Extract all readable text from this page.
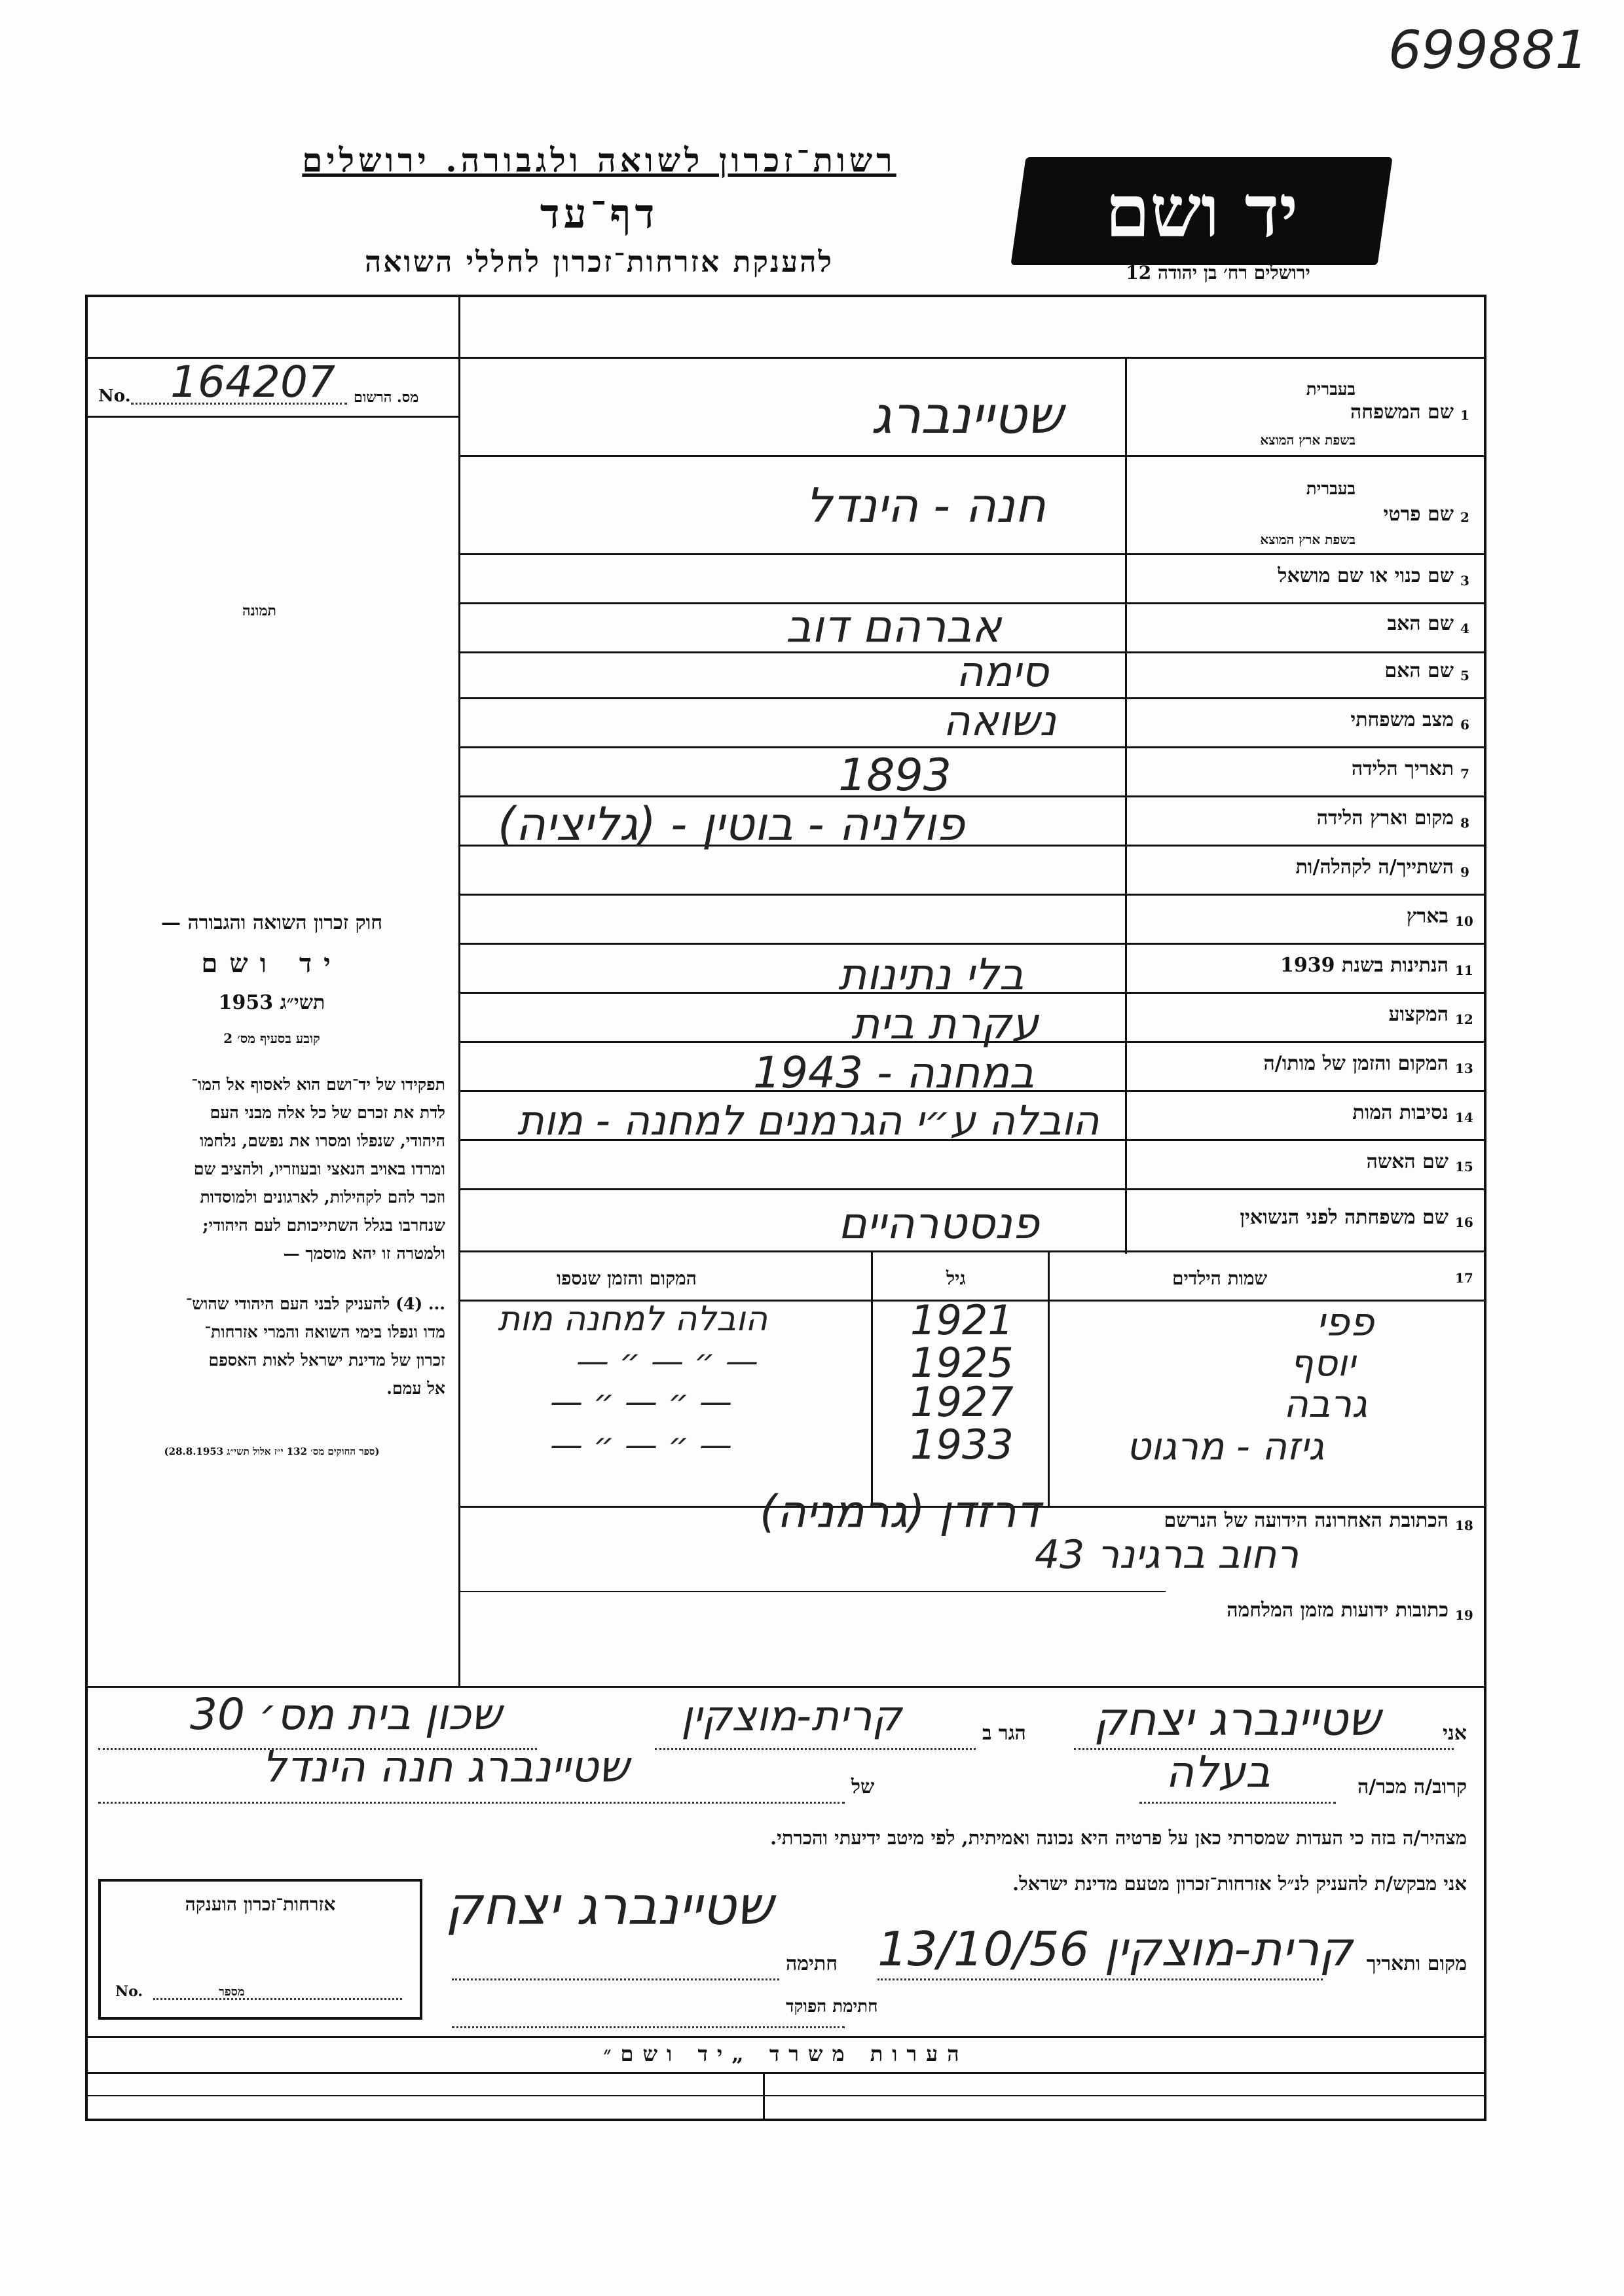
699881
רשות־זכרון לשואה ולגבורה. ירושלים
דף־עד
להענקת אזרחות־זכרון לחללי השואה
יד ושם
ירושלים רח׳ בן יהודה 12
No. 164207 מס. הרשום
תמונה
חוק זכרון השואה והגבורה —
יד ושם
תשי״ג 1953
קובע בסעיף מס׳ 2
תפקידו של יד־ושם הוא לאסוף אל המו־
לדת את זכרם של כל אלה מבני העם
היהודי, שנפלו ומסרו את נפשם, נלחמו
ומרדו באויב הנאצי ובעוזריו, ולהציב שם
וזכר להם לקהילות, לארגונים ולמוסדות
שנחרבו בגלל השתייכותם לעם היהודי;
ולמטרה זו יהא מוסמך —
... (4) להעניק לבני העם היהודי שהוש־
מדו ונפלו בימי השואה והמרי אזרחות־
זכרון של מדינת ישראל לאות האספם
אל עמם.
(ספר החוקים מס׳ 132 י״ז אלול תשי״ג 28.8.1953)
1
שם המשפחה
בעברית
בשפת ארץ המוצא
שטיינברג
2
שם פרטי
בעברית
בשפת ארץ המוצא
חנה - הינדל
3
שם כנוי או שם מושאל
4
שם האב
אברהם דוב
5
שם האם
סימה
6
מצב משפחתי
נשואה
7
תאריך הלידה
1893
8
מקום וארץ הלידה
פולניה - בוטין - (גליציה)
9
השתייך/ה לקהלה/ות
10
בארץ
11
הנתינות בשנת 1939
בלי נתינות
12
המקצוע
עקרת בית
13
המקום והזמן של מותו/ה
במחנה - 1943
14
נסיבות המות
הובלה ע״י הגרמנים למחנה - מות
15
שם האשה
16
שם משפחתה לפני הנשואין
פנסטרהיים
17
שמות הילדים
גיל
המקום והזמן שנספו
פפי
1921
הובלה למחנה מות
יוסף
1925
— ״ — ״ —
גרבה
1927
— ״ — ״ —
גיזה - מרגוט
1933
— ״ — ״ —
18
הכתובת האחרונה הידועה של הנרשם
דרזדן (גרמניה)
רחוב ברגינר 43
19
כתובות ידועות מזמן המלחמה
אני
שטיינברג יצחק
הגר ב
קרית-מוצקין
שכון בית מס׳ 30
קרוב/ה מכר/ה
בעלה
של
שטיינברג חנה הינדל
מצהיר/ה בזה כי העדות שמסרתי כאן על פרטיה היא נכונה ואמיתית, לפי מיטב ידיעתי והכרתי.
אני מבקש/ת להעניק לנ״ל אזרחות־זכרון מטעם מדינת ישראל.
אזרחות־זכרון הוענקה
No.	מספר
שטיינברג יצחק
מקום ותאריך
קרית-מוצקין 13/10/56
חתימה
חתימת הפוקד
הערות משרד „יד ושם״
